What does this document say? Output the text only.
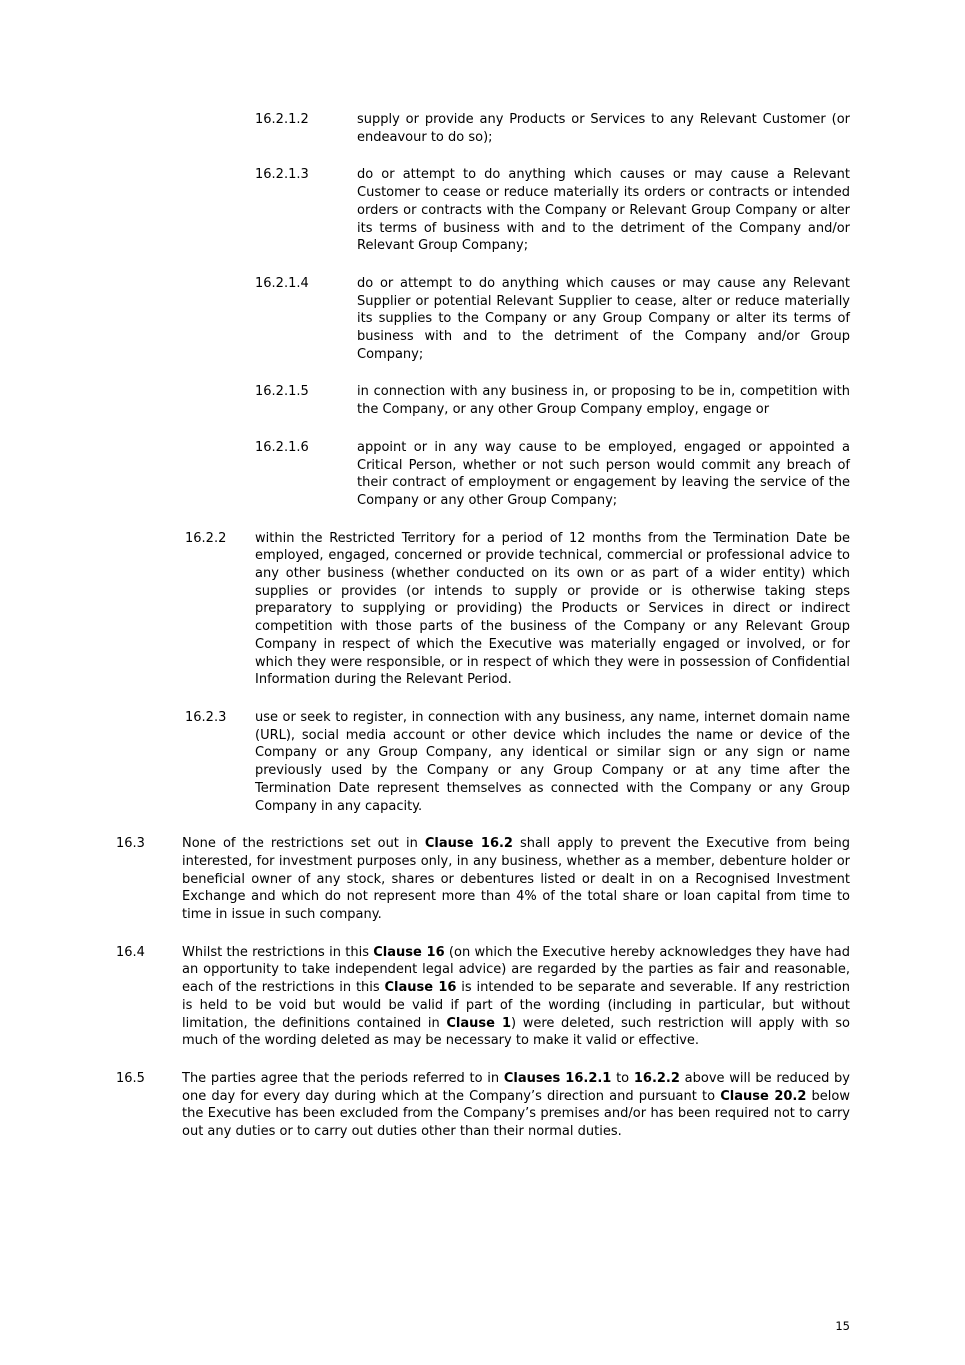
16.2.1.2	supply or provide any Products or Services to any Relevant Customer (or endeavour to do so);
16.2.1.3	do or attempt to do anything which causes or may cause a Relevant Customer to cease or reduce materially its orders or contracts or intended orders or contracts with the Company or Relevant Group Company or alter its terms of business with and to the detriment of the Company and/or Relevant Group Company;
16.2.1.4	do or attempt to do anything which causes or may cause any Relevant Supplier or potential Relevant Supplier to cease, alter or reduce materially its supplies to the Company or any Group Company or alter its terms of business with and to the detriment of the Company and/or Group Company;
16.2.1.5	in connection with any business in, or proposing to be in, competition with the Company, or any other Group Company employ, engage or
16.2.1.6	appoint or in any way cause to be employed, engaged or appointed a Critical Person, whether or not such person would commit any breach of their contract of employment or engagement by leaving the service of the Company or any other Group Company;
16.2.2	within the Restricted Territory for a period of 12 months from the Termination Date be employed, engaged, concerned or provide technical, commercial or professional advice to any other business (whether conducted on its own or as part of a wider entity) which supplies or provides (or intends to supply or provide or is otherwise taking steps preparatory to supplying or providing) the Products or Services in direct or indirect competition with those parts of the business of the Company or any Relevant Group Company in respect of which the Executive was materially engaged or involved, or for which they were responsible, or in respect of which they were in possession of Confidential Information during the Relevant Period.
16.2.3	use or seek to register, in connection with any business, any name, internet domain name (URL), social media account or other device which includes the name or device of the Company or any Group Company, any identical or similar sign or any sign or name previously used by the Company or any Group Company or at any time after the Termination Date represent themselves as connected with the Company or any Group Company in any capacity.
16.3	None of the restrictions set out in Clause 16.2 shall apply to prevent the Executive from being interested, for investment purposes only, in any business, whether as a member, debenture holder or beneficial owner of any stock, shares or debentures listed or dealt in on a Recognised Investment Exchange and which do not represent more than 4% of the total share or loan capital from time to time in issue in such company.
16.4	Whilst the restrictions in this Clause 16 (on which the Executive hereby acknowledges they have had an opportunity to take independent legal advice) are regarded by the parties as fair and reasonable, each of the restrictions in this Clause 16 is intended to be separate and severable. If any restriction is held to be void but would be valid if part of the wording (including in particular, but without limitation, the definitions contained in Clause 1) were deleted, such restriction will apply with so much of the wording deleted as may be necessary to make it valid or effective.
16.5	The parties agree that the periods referred to in Clauses 16.2.1 to 16.2.2 above will be reduced by one day for every day during which at the Company’s direction and pursuant to Clause 20.2 below the Executive has been excluded from the Company’s premises and/or has been required not to carry out any duties or to carry out duties other than their normal duties.
15
